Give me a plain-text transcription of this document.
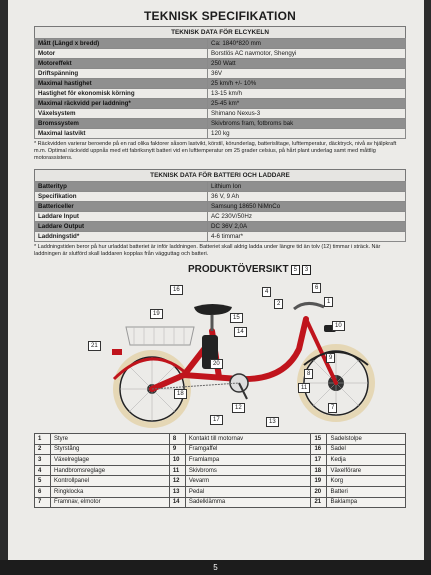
TEKNISK SPECIFIKATION
TEKNISK DATA FÖR ELCYKELN
Mått (Längd x bredd)	Ca: 1840*820 mm
Motor	Borstlös AC navmotor, Shengyi
Motoreffekt	250 Watt
Driftspänning	36V
Maximal hastighet	25 km/h +/- 10%
Hastighet för ekonomisk körning	13-15 km/h
Maximal räckvidd per laddning*	25-45 km*
Växelsystem	Shimano Nexus-3
Bromssystem	Skivbroms fram, fotbroms bak
Maximal lastvikt	120 kg

* Räckvidden varierar beroende på en rad olika faktorer såsom lastvikt, körstil, körunderlag, batterislitage, lufttemperatur, däcktryck, nivå av hjälpkraft m.m. Optimal räckvidd uppnås med ett fabriksnytt batteri vid en lufttemperatur om 25 grader celsius, på hårt plant underlag samt med måttlig motorassistens.

TEKNISK DATA FÖR BATTERI OCH LADDARE
Batterityp	Lithium Ion
Specifikation	36 V, 9 Ah
Battericeller	Samsung 18650 NiMnCo
Laddare Input	AC 230V/50Hz
Laddare Output	DC 36V 2,0A
Laddningstid*	4-6 timmar*

* Laddningstiden beror på hur urladdat batteriet är inför laddningen. Batteriet skall aldrig ladda under längre tid än tolv (12) timmar i sträck. När laddningen är slutförd skall laddaren kopplas från vägguttag och batteri.

PRODUKTÖVERSIKT 5	3
16	4
2
6
1
15
19
14
10
21
20
9
8
11
18
7
12
17	13
1	Styre	8	Kontakt till motornav	15	Sadelstolpe
2	Styrstång	9	Framgaffel	16	Sadel
3	Växelreglage	10	Framlampa	17	Kedja
4	Handbromsreglage	11	Skivbroms	18	Växelförare
5	Kontrollpanel	12	Vevarm	19	Korg
6	Ringklocka	13	Pedal	20	Batteri
7	Framnav, elmotor	14	Sadelklämma	21	Baklampa
5
